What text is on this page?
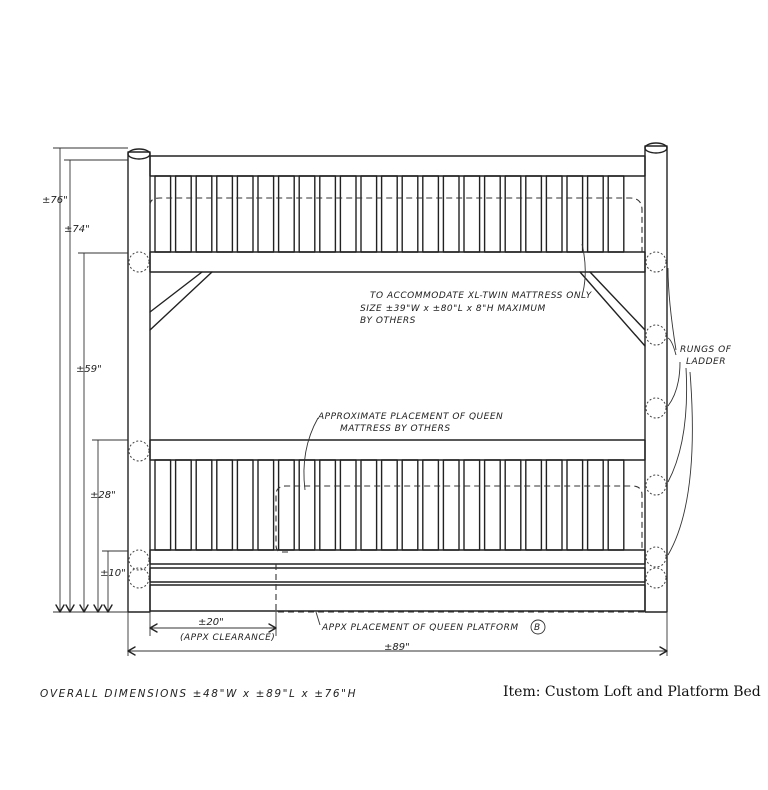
±76"
±74"
±59"
±28"
±10"
±20"
(APPX CLEARANCE)
±89"
TO ACCOMMODATE XL-TWIN MATTRESS ONLY
SIZE ±39"W x ±80"L x 8"H MAXIMUM
BY OTHERS
APPROXIMATE PLACEMENT OF QUEEN
MATTRESS BY OTHERS
RUNGS OF
LADDER
APPX PLACEMENT OF QUEEN PLATFORM B
OVERALL DIMENSIONS ±48"W x ±89"L x ±76"H	Item: Custom Loft and Platform Bed
